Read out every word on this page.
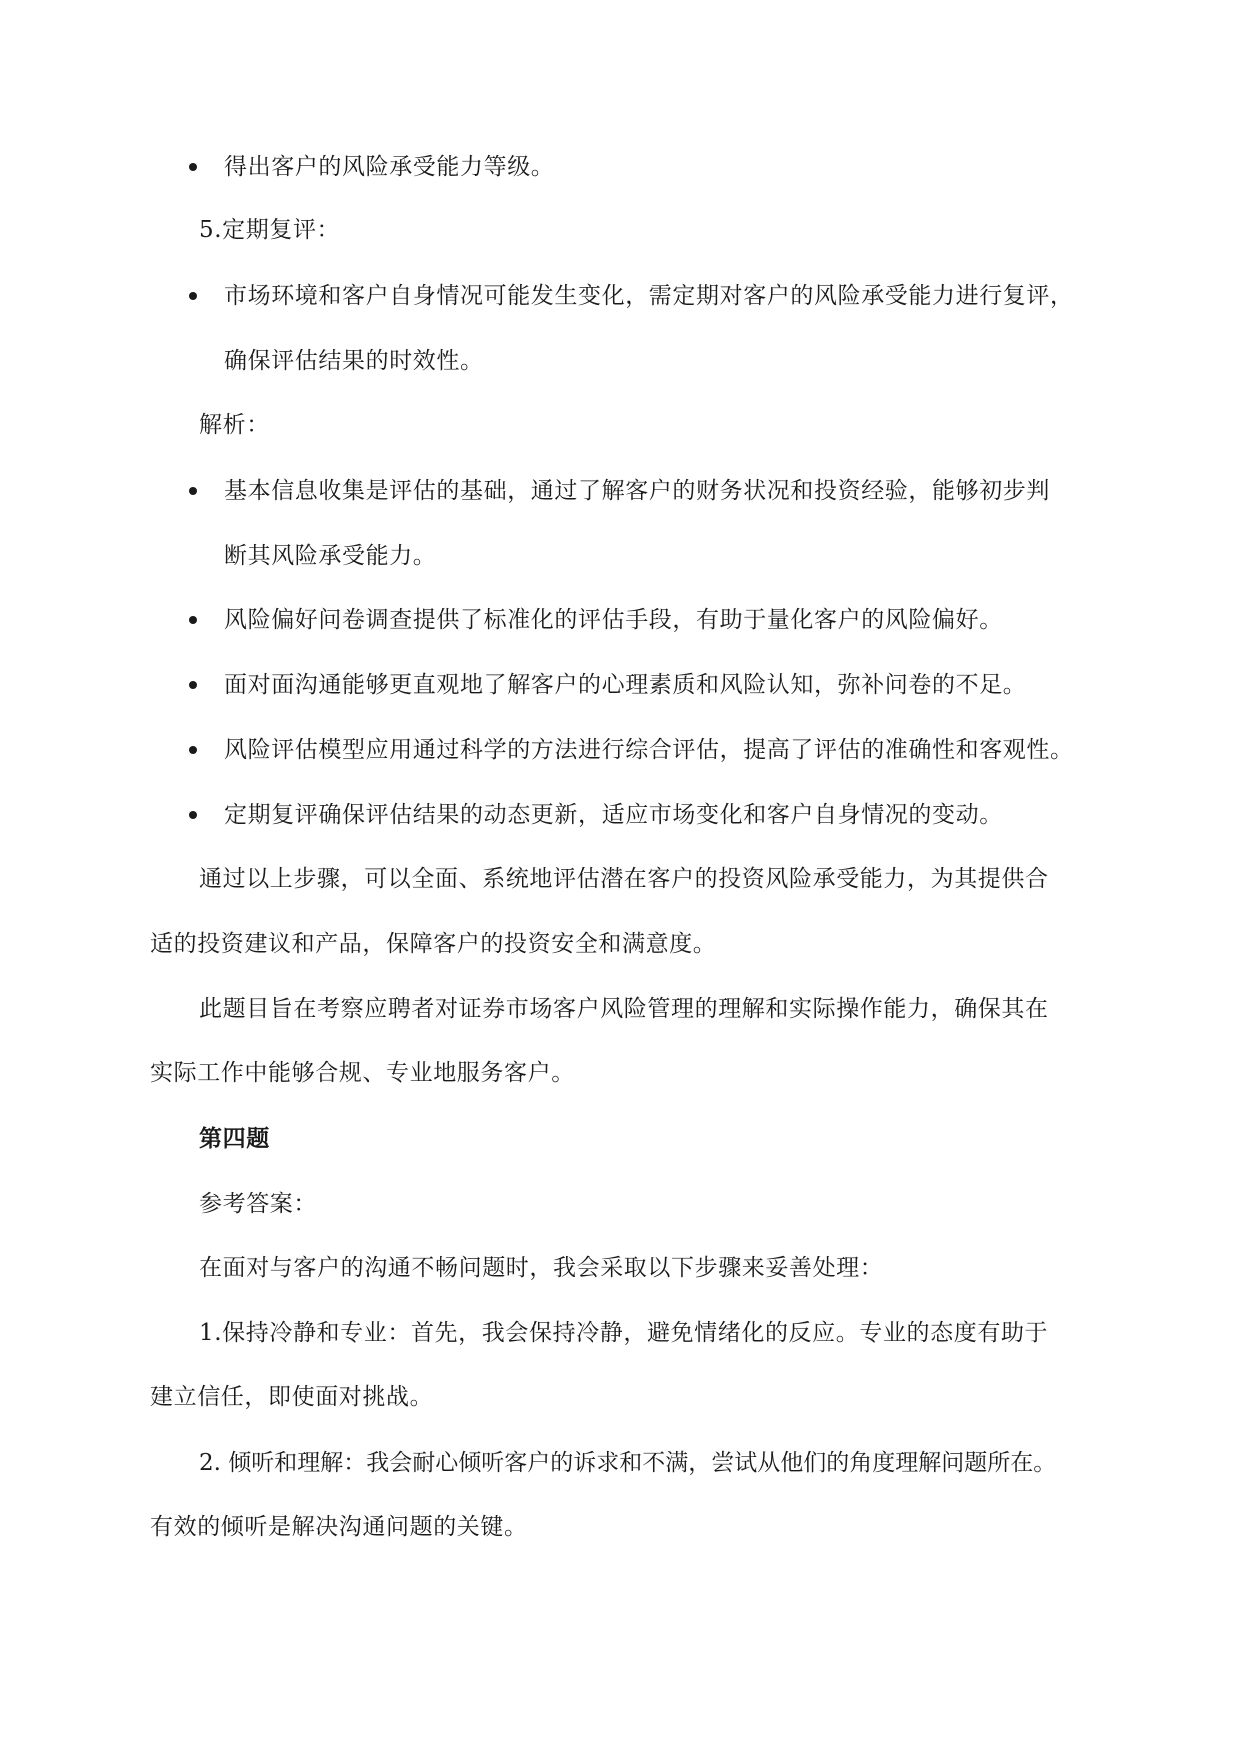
得出客户的风险承受能力等级。
5.定期复评：
市场环境和客户自身情况可能发生变化，需定期对客户的风险承受能力进行复评，
确保评估结果的时效性。
解析：
基本信息收集是评估的基础，通过了解客户的财务状况和投资经验，能够初步判
断其风险承受能力。
风险偏好问卷调查提供了标准化的评估手段，有助于量化客户的风险偏好。
面对面沟通能够更直观地了解客户的心理素质和风险认知，弥补问卷的不足。
风险评估模型应用通过科学的方法进行综合评估，提高了评估的准确性和客观性。
定期复评确保评估结果的动态更新，适应市场变化和客户自身情况的变动。
通过以上步骤，可以全面、系统地评估潜在客户的投资风险承受能力，为其提供合
适的投资建议和产品，保障客户的投资安全和满意度。
此题目旨在考察应聘者对证券市场客户风险管理的理解和实际操作能力，确保其在
实际工作中能够合规、专业地服务客户。
第四题
参考答案：
在面对与客户的沟通不畅问题时，我会采取以下步骤来妥善处理：
1.保持冷静和专业：首先，我会保持冷静，避免情绪化的反应。专业的态度有助于
建立信任，即使面对挑战。
2. 倾听和理解：我会耐心倾听客户的诉求和不满，尝试从他们的角度理解问题所在。
有效的倾听是解决沟通问题的关键。
